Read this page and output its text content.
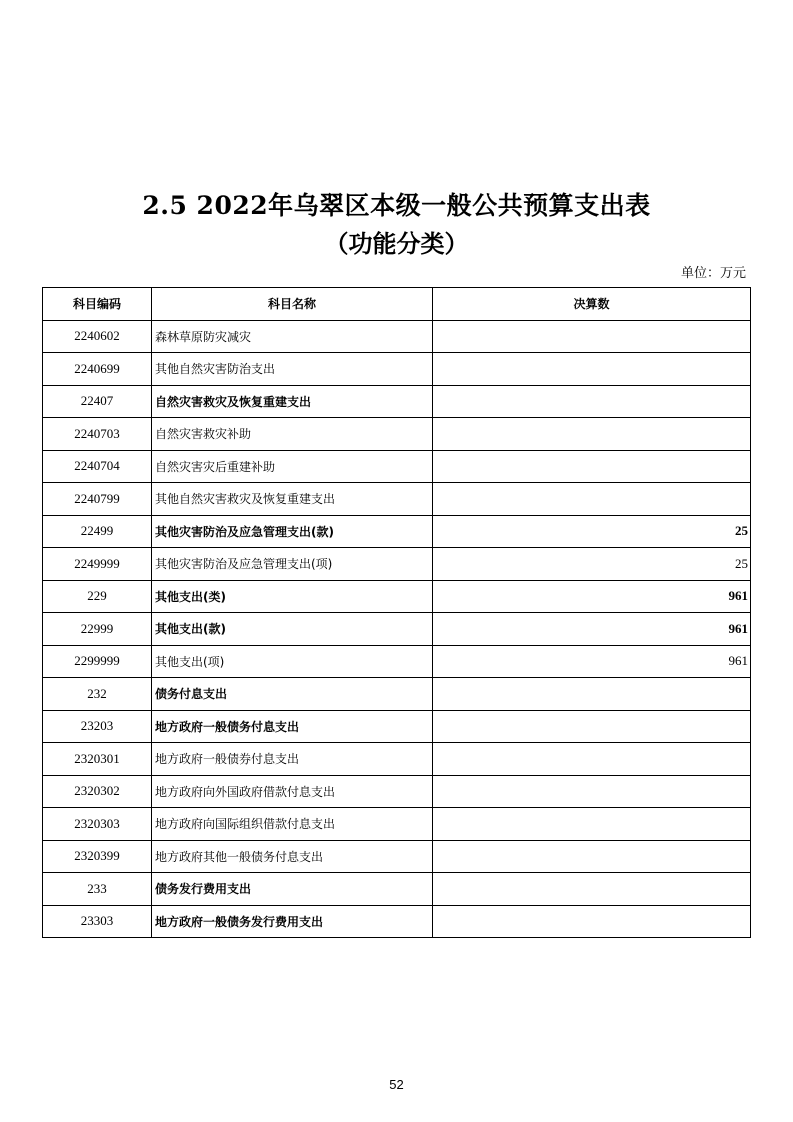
2.5 2022年乌翠区本级一般公共预算支出表
（功能分类）
单位：万元
科目编码	科目名称	决算数
2240602	森林草原防灾减灾	
2240699	其他自然灾害防治支出	
22407	自然灾害救灾及恢复重建支出	
2240703	自然灾害救灾补助	
2240704	自然灾害灾后重建补助	
2240799	其他自然灾害救灾及恢复重建支出	
22499	其他灾害防治及应急管理支出(款)	25
2249999	其他灾害防治及应急管理支出(项)	25
229	其他支出(类)	961
22999	其他支出(款)	961
2299999	其他支出(项)	961
232	债务付息支出	
23203	地方政府一般债务付息支出	
2320301	地方政府一般债券付息支出	
2320302	地方政府向外国政府借款付息支出	
2320303	地方政府向国际组织借款付息支出	
2320399	地方政府其他一般债务付息支出	
233	债务发行费用支出	
23303	地方政府一般债务发行费用支出	
52
